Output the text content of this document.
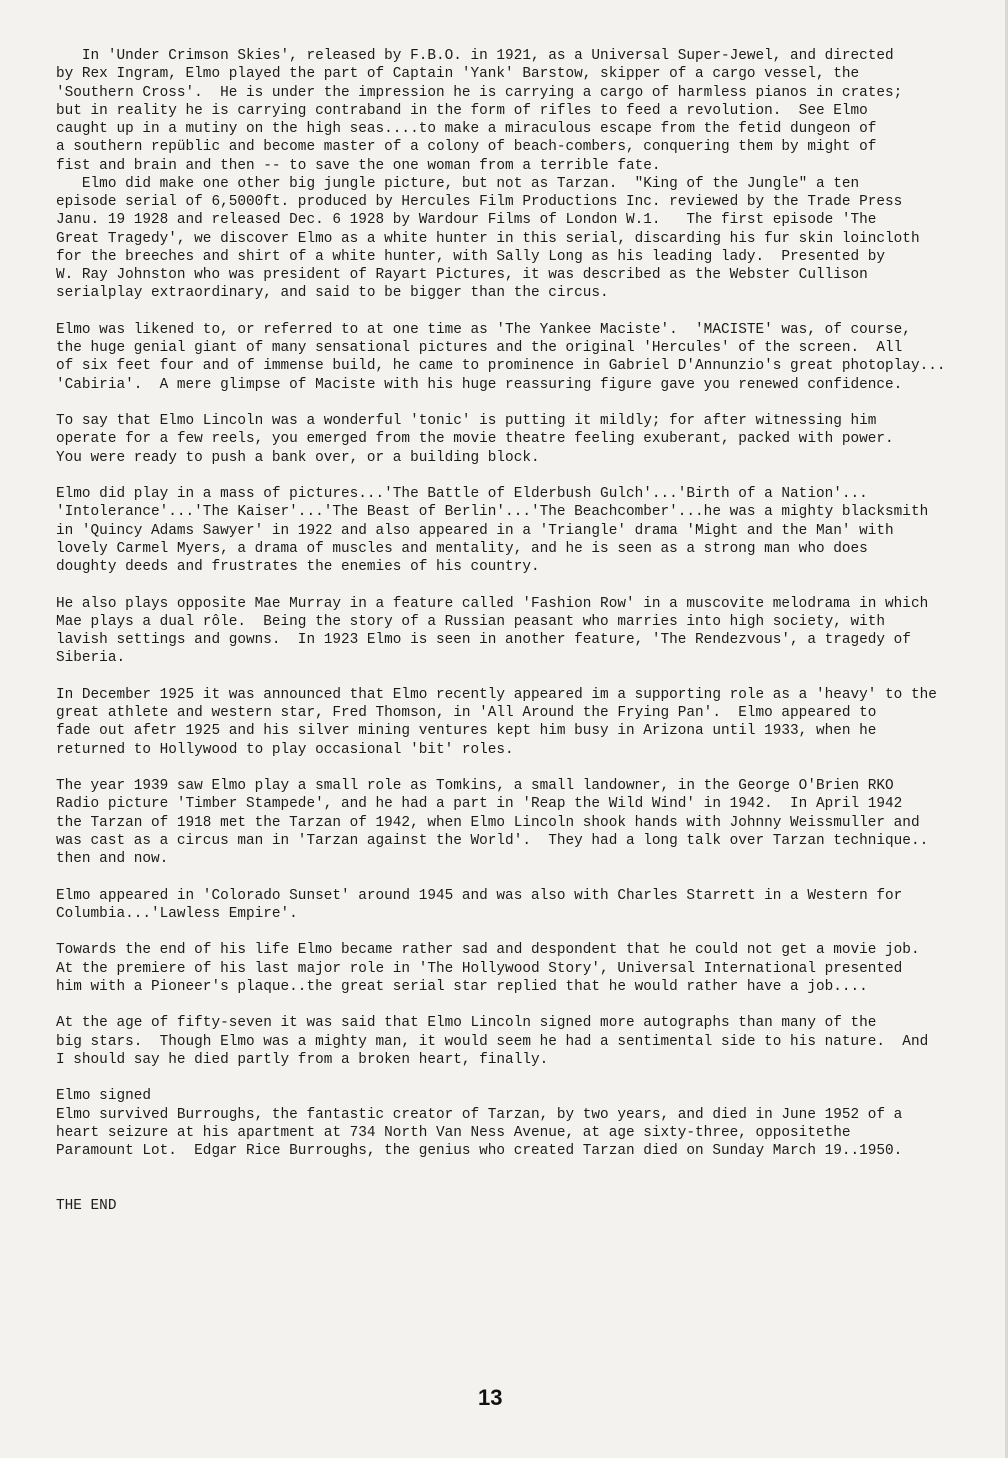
In 'Under Crimson Skies', released by F.B.O. in 1921, as a Universal Super-Jewel, and directed
by Rex Ingram, Elmo played the part of Captain 'Yank' Barstow, skipper of a cargo vessel, the
'Southern Cross'.  He is under the impression he is carrying a cargo of harmless pianos in crates;
but in reality he is carrying contraband in the form of rifles to feed a revolution.  See Elmo
caught up in a mutiny on the high seas....to make a miraculous escape from the fetid dungeon of
a southern repüblic and become master of a colony of beach-combers, conquering them by might of
fist and brain and then -- to save the one woman from a terrible fate.
Elmo did make one other big jungle picture, but not as Tarzan.  "King of the Jungle" a ten
episode serial of 6,5000ft. produced by Hercules Film Productions Inc. reviewed by the Trade Press
Janu. 19 1928 and released Dec. 6 1928 by Wardour Films of London W.1.   The first episode 'The
Great Tragedy', we discover Elmo as a white hunter in this serial, discarding his fur skin loincloth
for the breeches and shirt of a white hunter, with Sally Long as his leading lady.  Presented by
W. Ray Johnston who was president of Rayart Pictures, it was described as the Webster Cullison
serialplay extraordinary, and said to be bigger than the circus.
Elmo was likened to, or referred to at one time as 'The Yankee Maciste'.  'MACISTE' was, of course,
the huge genial giant of many sensational pictures and the original 'Hercules' of the screen.  All
of six feet four and of immense build, he came to prominence in Gabriel D'Annunzio's great photoplay...
'Cabiria'.  A mere glimpse of Maciste with his huge reassuring figure gave you renewed confidence.
To say that Elmo Lincoln was a wonderful 'tonic' is putting it mildly; for after witnessing him
operate for a few reels, you emerged from the movie theatre feeling exuberant, packed with power.
You were ready to push a bank over, or a building block.
Elmo did play in a mass of pictures...'The Battle of Elderbush Gulch'...'Birth of a Nation'...
'Intolerance'...'The Kaiser'...'The Beast of Berlin'...'The Beachcomber'...he was a mighty blacksmith
in 'Quincy Adams Sawyer' in 1922 and also appeared in a 'Triangle' drama 'Might and the Man' with
lovely Carmel Myers, a drama of muscles and mentality, and he is seen as a strong man who does
doughty deeds and frustrates the enemies of his country.
He also plays opposite Mae Murray in a feature called 'Fashion Row' in a muscovite melodrama in which
Mae plays a dual rôle.  Being the story of a Russian peasant who marries into high society, with
lavish settings and gowns.  In 1923 Elmo is seen in another feature, 'The Rendezvous', a tragedy of
Siberia.
In December 1925 it was announced that Elmo recently appeared im a supporting role as a 'heavy' to the
great athlete and western star, Fred Thomson, in 'All Around the Frying Pan'.  Elmo appeared to
fade out afetr 1925 and his silver mining ventures kept him busy in Arizona until 1933, when he
returned to Hollywood to play occasional 'bit' roles.
The year 1939 saw Elmo play a small role as Tomkins, a small landowner, in the George O'Brien RKO
Radio picture 'Timber Stampede', and he had a part in 'Reap the Wild Wind' in 1942.  In April 1942
the Tarzan of 1918 met the Tarzan of 1942, when Elmo Lincoln shook hands with Johnny Weissmuller and
was cast as a circus man in 'Tarzan against the World'.  They had a long talk over Tarzan technique..
then and now.
Elmo appeared in 'Colorado Sunset' around 1945 and was also with Charles Starrett in a Western for
Columbia...'Lawless Empire'.
Towards the end of his life Elmo became rather sad and despondent that he could not get a movie job.
At the premiere of his last major role in 'The Hollywood Story', Universal International presented
him with a Pioneer's plaque..the great serial star replied that he would rather have a job....
At the age of fifty-seven it was said that Elmo Lincoln signed more autographs than many of the
big stars.  Though Elmo was a mighty man, it would seem he had a sentimental side to his nature.  And
I should say he died partly from a broken heart, finally.
Elmo signed
Elmo survived Burroughs, the fantastic creator of Tarzan, by two years, and died in June 1952 of a
heart seizure at his apartment at 734 North Van Ness Avenue, at age sixty-three, oppositethe
Paramount Lot.  Edgar Rice Burroughs, the genius who created Tarzan died on Sunday March 19..1950.
THE END
13
